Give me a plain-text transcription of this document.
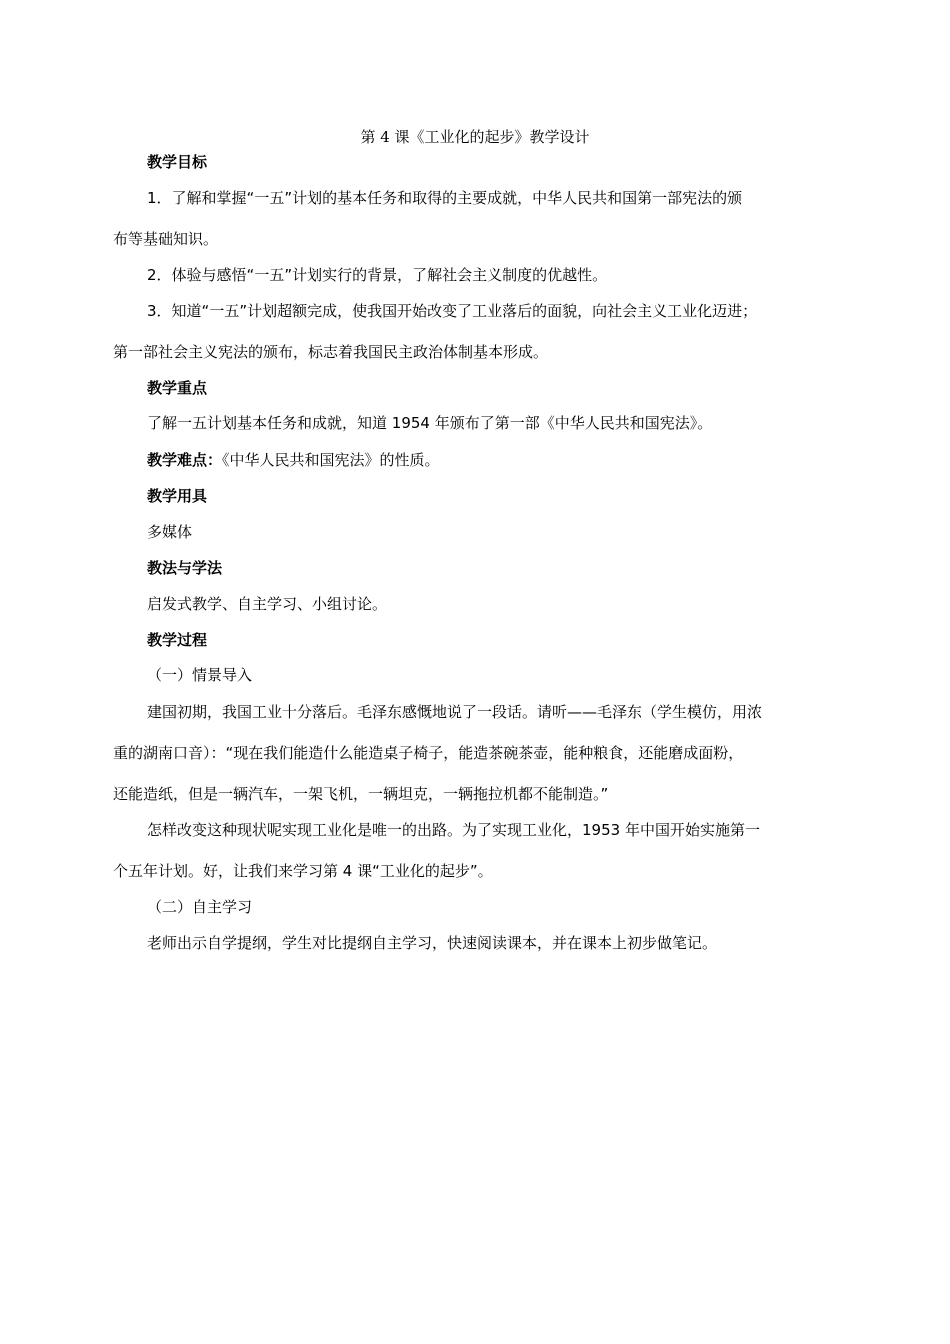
第 4 课《工业化的起步》教学设计
教学目标
1．了解和掌握“一五”计划的基本任务和取得的主要成就，中华人民共和国第一部宪法的颁
布等基础知识。
2．体验与感悟“一五”计划实行的背景，了解社会主义制度的优越性。
3．知道“一五”计划超额完成，使我国开始改变了工业落后的面貌，向社会主义工业化迈进；
第一部社会主义宪法的颁布，标志着我国民主政治体制基本形成。
教学重点
了解一五计划基本任务和成就，知道 1954 年颁布了第一部《中华人民共和国宪法》。
教学难点：《中华人民共和国宪法》的性质。
教学用具
多媒体
教法与学法
启发式教学、自主学习、小组讨论。
教学过程
（一）情景导入
建国初期，我国工业十分落后。毛泽东感慨地说了一段话。请听——毛泽东（学生模仿，用浓
重的湖南口音）：“现在我们能造什么能造桌子椅子，能造茶碗茶壶，能种粮食，还能磨成面粉，
还能造纸，但是一辆汽车，一架飞机，一辆坦克，一辆拖拉机都不能制造。”
怎样改变这种现状呢实现工业化是唯一的出路。为了实现工业化，1953 年中国开始实施第一
个五年计划。好，让我们来学习第 4 课“工业化的起步”。
（二）自主学习
老师出示自学提纲，学生对比提纲自主学习，快速阅读课本，并在课本上初步做笔记。
